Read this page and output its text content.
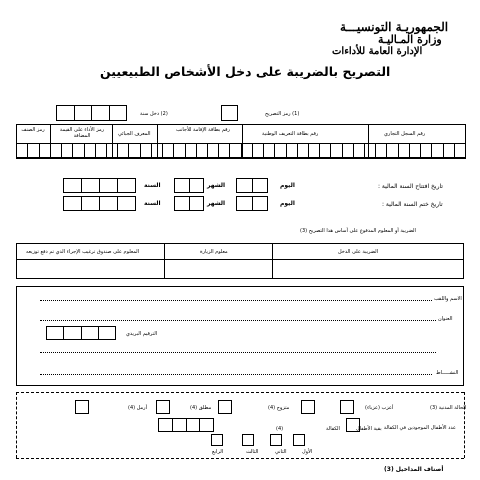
الجمهوريـة التونسيـــة
وزارة المـاليـة
الإدارة العامة للأداءات
التصريح بالضريبة على دخل الأشخاص الطبيعيين
(1) رمز التصريح
(2) دخل سنة
رقم السجل التجاري
رقم بطاقة التعريف الوطنية
رقم بطاقة الإقامة للأجانب
المعرف الجبائي
رمز الأداء على القيمة المضافة
رمز الصنف
تاريخ افتتاح السنة المالية :
اليوم
الشهر
السنة
تاريخ ختم السنة المالية :
اليوم
الشهر
السنة
الضريبة أو المعلوم المدفوع على أساس هذا التصريح (3)
الضريبة على الدخل
معلوم الزيارة
المعلوم على صندوق ترغيب الإجراء الذي تم دفع توزيعه
الاسم واللقب
العنوان
الترقيم البريدي
النشـــــاط
الحالة المدنية (3)
أعزب (عزباء)
متزوج (4)
مطلق (4)
أرمل (4)
عدد الأطفال الموجودين في الكفالة
(4)	الكفالة	بقية الأطفال
الأول
الثاني
الثالث
الرابع
أصناف المداخيل (3)
